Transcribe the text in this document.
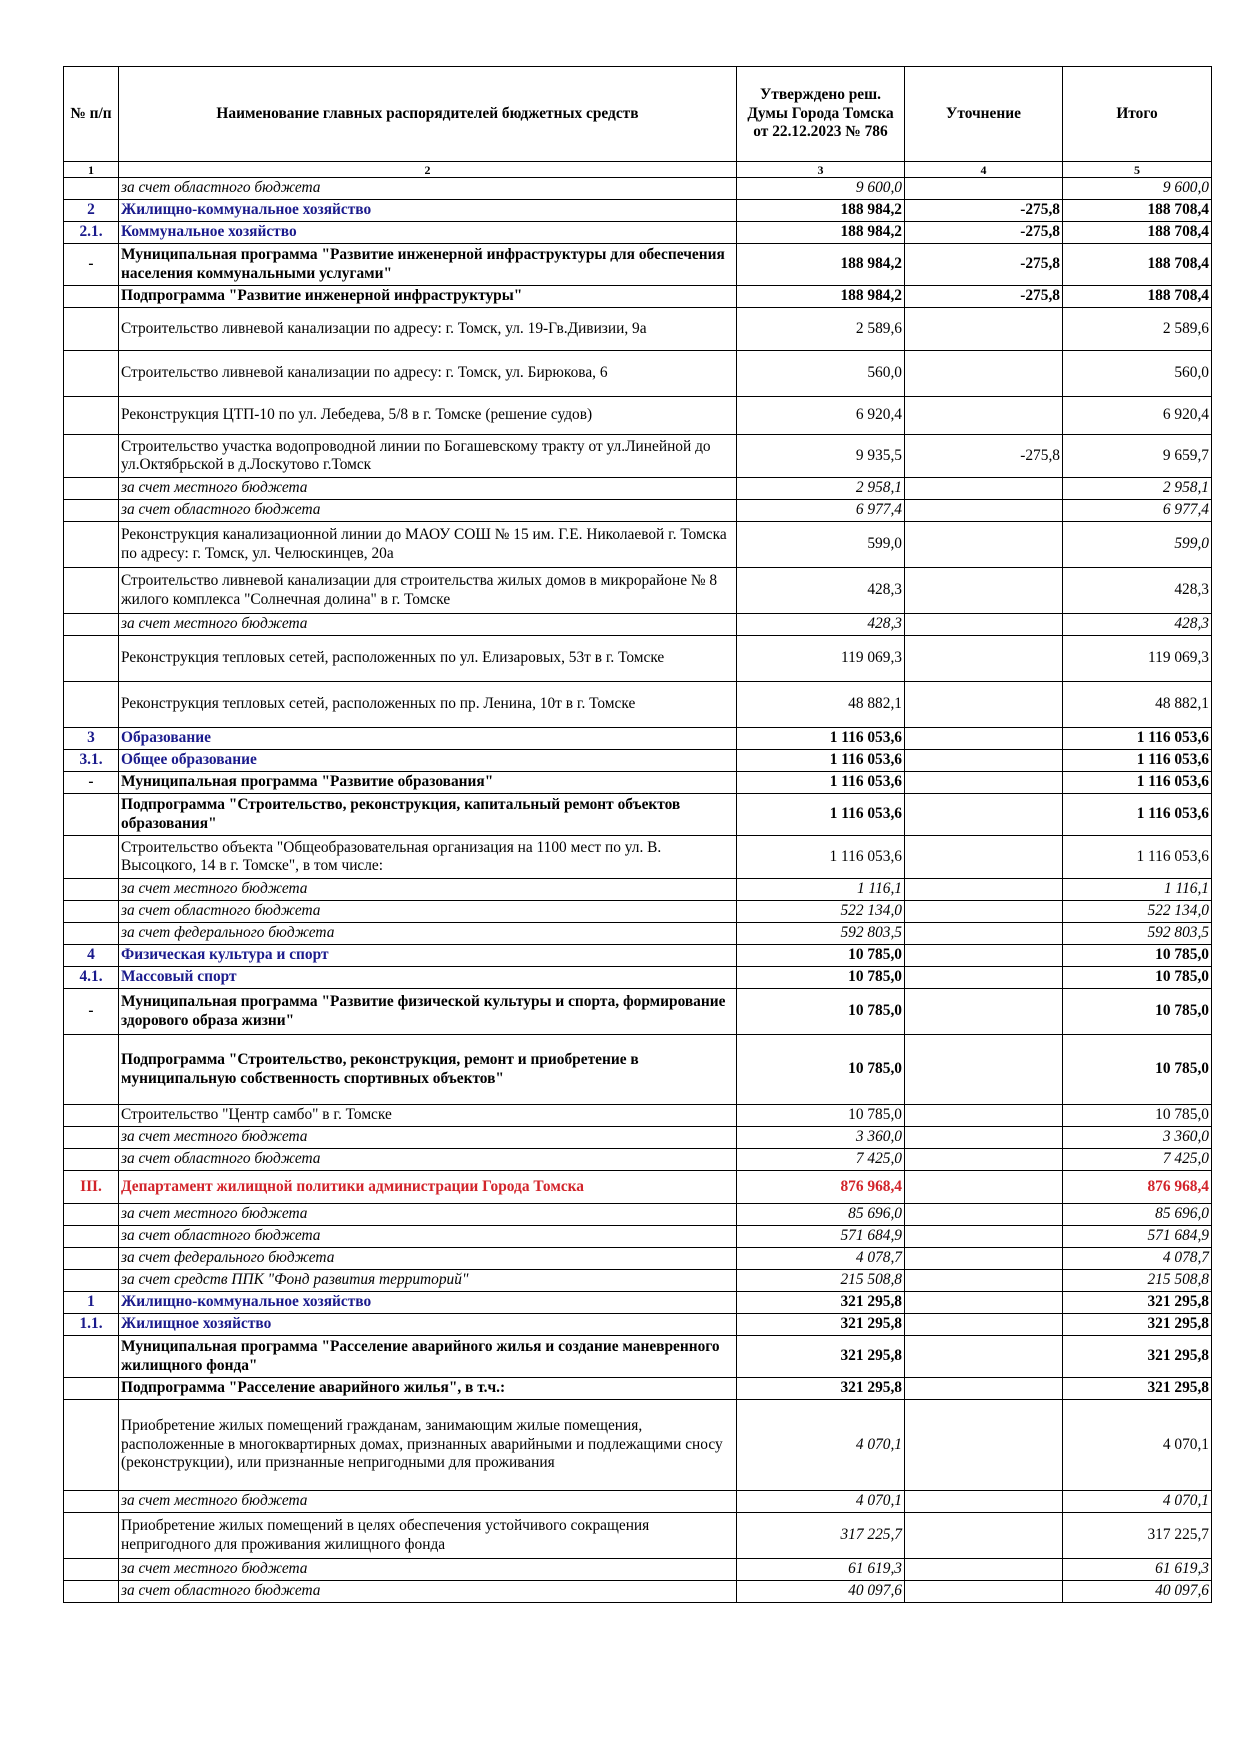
№ п/п	Наименование главных распорядителей бюджетных средств	Утверждено реш. Думы Города Томска от 22.12.2023 № 786	Уточнение	Итого
1	2	3	4	5
	за счет областного бюджета	9 600,0		9 600,0
2	Жилищно-коммунальное хозяйство	188 984,2	-275,8	188 708,4
2.1.	Коммунальное хозяйство	188 984,2	-275,8	188 708,4
-	Муниципальная программа "Развитие инженерной инфраструктуры для обеспечения населения коммунальными услугами"	188 984,2	-275,8	188 708,4
	Подпрограмма "Развитие инженерной инфраструктуры"	188 984,2	-275,8	188 708,4
	Строительство ливневой канализации по адресу: г. Томск, ул. 19-Гв.Дивизии, 9а	2 589,6		2 589,6
	Строительство ливневой канализации по адресу: г. Томск, ул. Бирюкова, 6	560,0		560,0
	Реконструкция ЦТП-10 по ул. Лебедева, 5/8 в г. Томске (решение судов)	6 920,4		6 920,4
	Строительство участка водопроводной линии по Богашевскому тракту от ул.Линейной до ул.Октябрьской в д.Лоскутово г.Томск	9 935,5	-275,8	9 659,7
	за счет местного бюджета	2 958,1		2 958,1
	за счет областного бюджета	6 977,4		6 977,4
	Реконструкция канализационной линии до МАОУ СОШ № 15 им. Г.Е. Николаевой г. Томска по адресу: г. Томск, ул. Челюскинцев, 20а	599,0		599,0
	Строительство ливневой канализации для строительства жилых домов в микрорайоне № 8 жилого комплекса "Солнечная долина" в г. Томске	428,3		428,3
	за счет местного бюджета	428,3		428,3
	Реконструкция тепловых сетей, расположенных по ул. Елизаровых, 53т в г. Томске	119 069,3		119 069,3
	Реконструкция тепловых сетей, расположенных по пр. Ленина, 10т в г. Томске	48 882,1		48 882,1
3	Образование	1 116 053,6		1 116 053,6
3.1.	Общее образование	1 116 053,6		1 116 053,6
-	Муниципальная программа "Развитие образования"	1 116 053,6		1 116 053,6
	Подпрограмма "Строительство, реконструкция, капитальный ремонт объектов образования"	1 116 053,6		1 116 053,6
	Строительство объекта "Общеобразовательная организация на 1100 мест по ул. В. Высоцкого, 14 в г. Томске", в том числе:	1 116 053,6		1 116 053,6
	за счет местного бюджета	1 116,1		1 116,1
	за счет областного бюджета	522 134,0		522 134,0
	за счет федерального бюджета	592 803,5		592 803,5
4	Физическая культура и спорт	10 785,0		10 785,0
4.1.	Массовый спорт	10 785,0		10 785,0
-	Муниципальная программа "Развитие физической культуры и спорта, формирование здорового образа жизни"	10 785,0		10 785,0
	Подпрограмма "Строительство, реконструкция, ремонт и приобретение в муниципальную собственность спортивных объектов"	10 785,0		10 785,0
	Строительство "Центр самбо" в г. Томске	10 785,0		10 785,0
	за счет местного бюджета	3 360,0		3 360,0
	за счет областного бюджета	7 425,0		7 425,0
III.	Департамент жилищной политики администрации Города Томска	876 968,4		876 968,4
	за счет местного бюджета	85 696,0		85 696,0
	за счет областного бюджета	571 684,9		571 684,9
	за счет федерального бюджета	4 078,7		4 078,7
	за счет средств ППК "Фонд развития территорий"	215 508,8		215 508,8
1	Жилищно-коммунальное хозяйство	321 295,8		321 295,8
1.1.	Жилищное хозяйство	321 295,8		321 295,8
	Муниципальная программа "Расселение аварийного жилья и создание маневренного жилищного фонда"	321 295,8		321 295,8
	Подпрограмма "Расселение аварийного жилья", в т.ч.:	321 295,8		321 295,8
	Приобретение жилых помещений гражданам, занимающим жилые помещения, расположенные в многоквартирных домах, признанных аварийными и подлежащими сносу (реконструкции), или признанные непригодными для проживания	4 070,1		4 070,1
	за счет местного бюджета	4 070,1		4 070,1
	Приобретение жилых помещений в целях обеспечения устойчивого сокращения непригодного для проживания жилищного фонда	317 225,7		317 225,7
	за счет местного бюджета	61 619,3		61 619,3
	за счет областного бюджета	40 097,6		40 097,6
